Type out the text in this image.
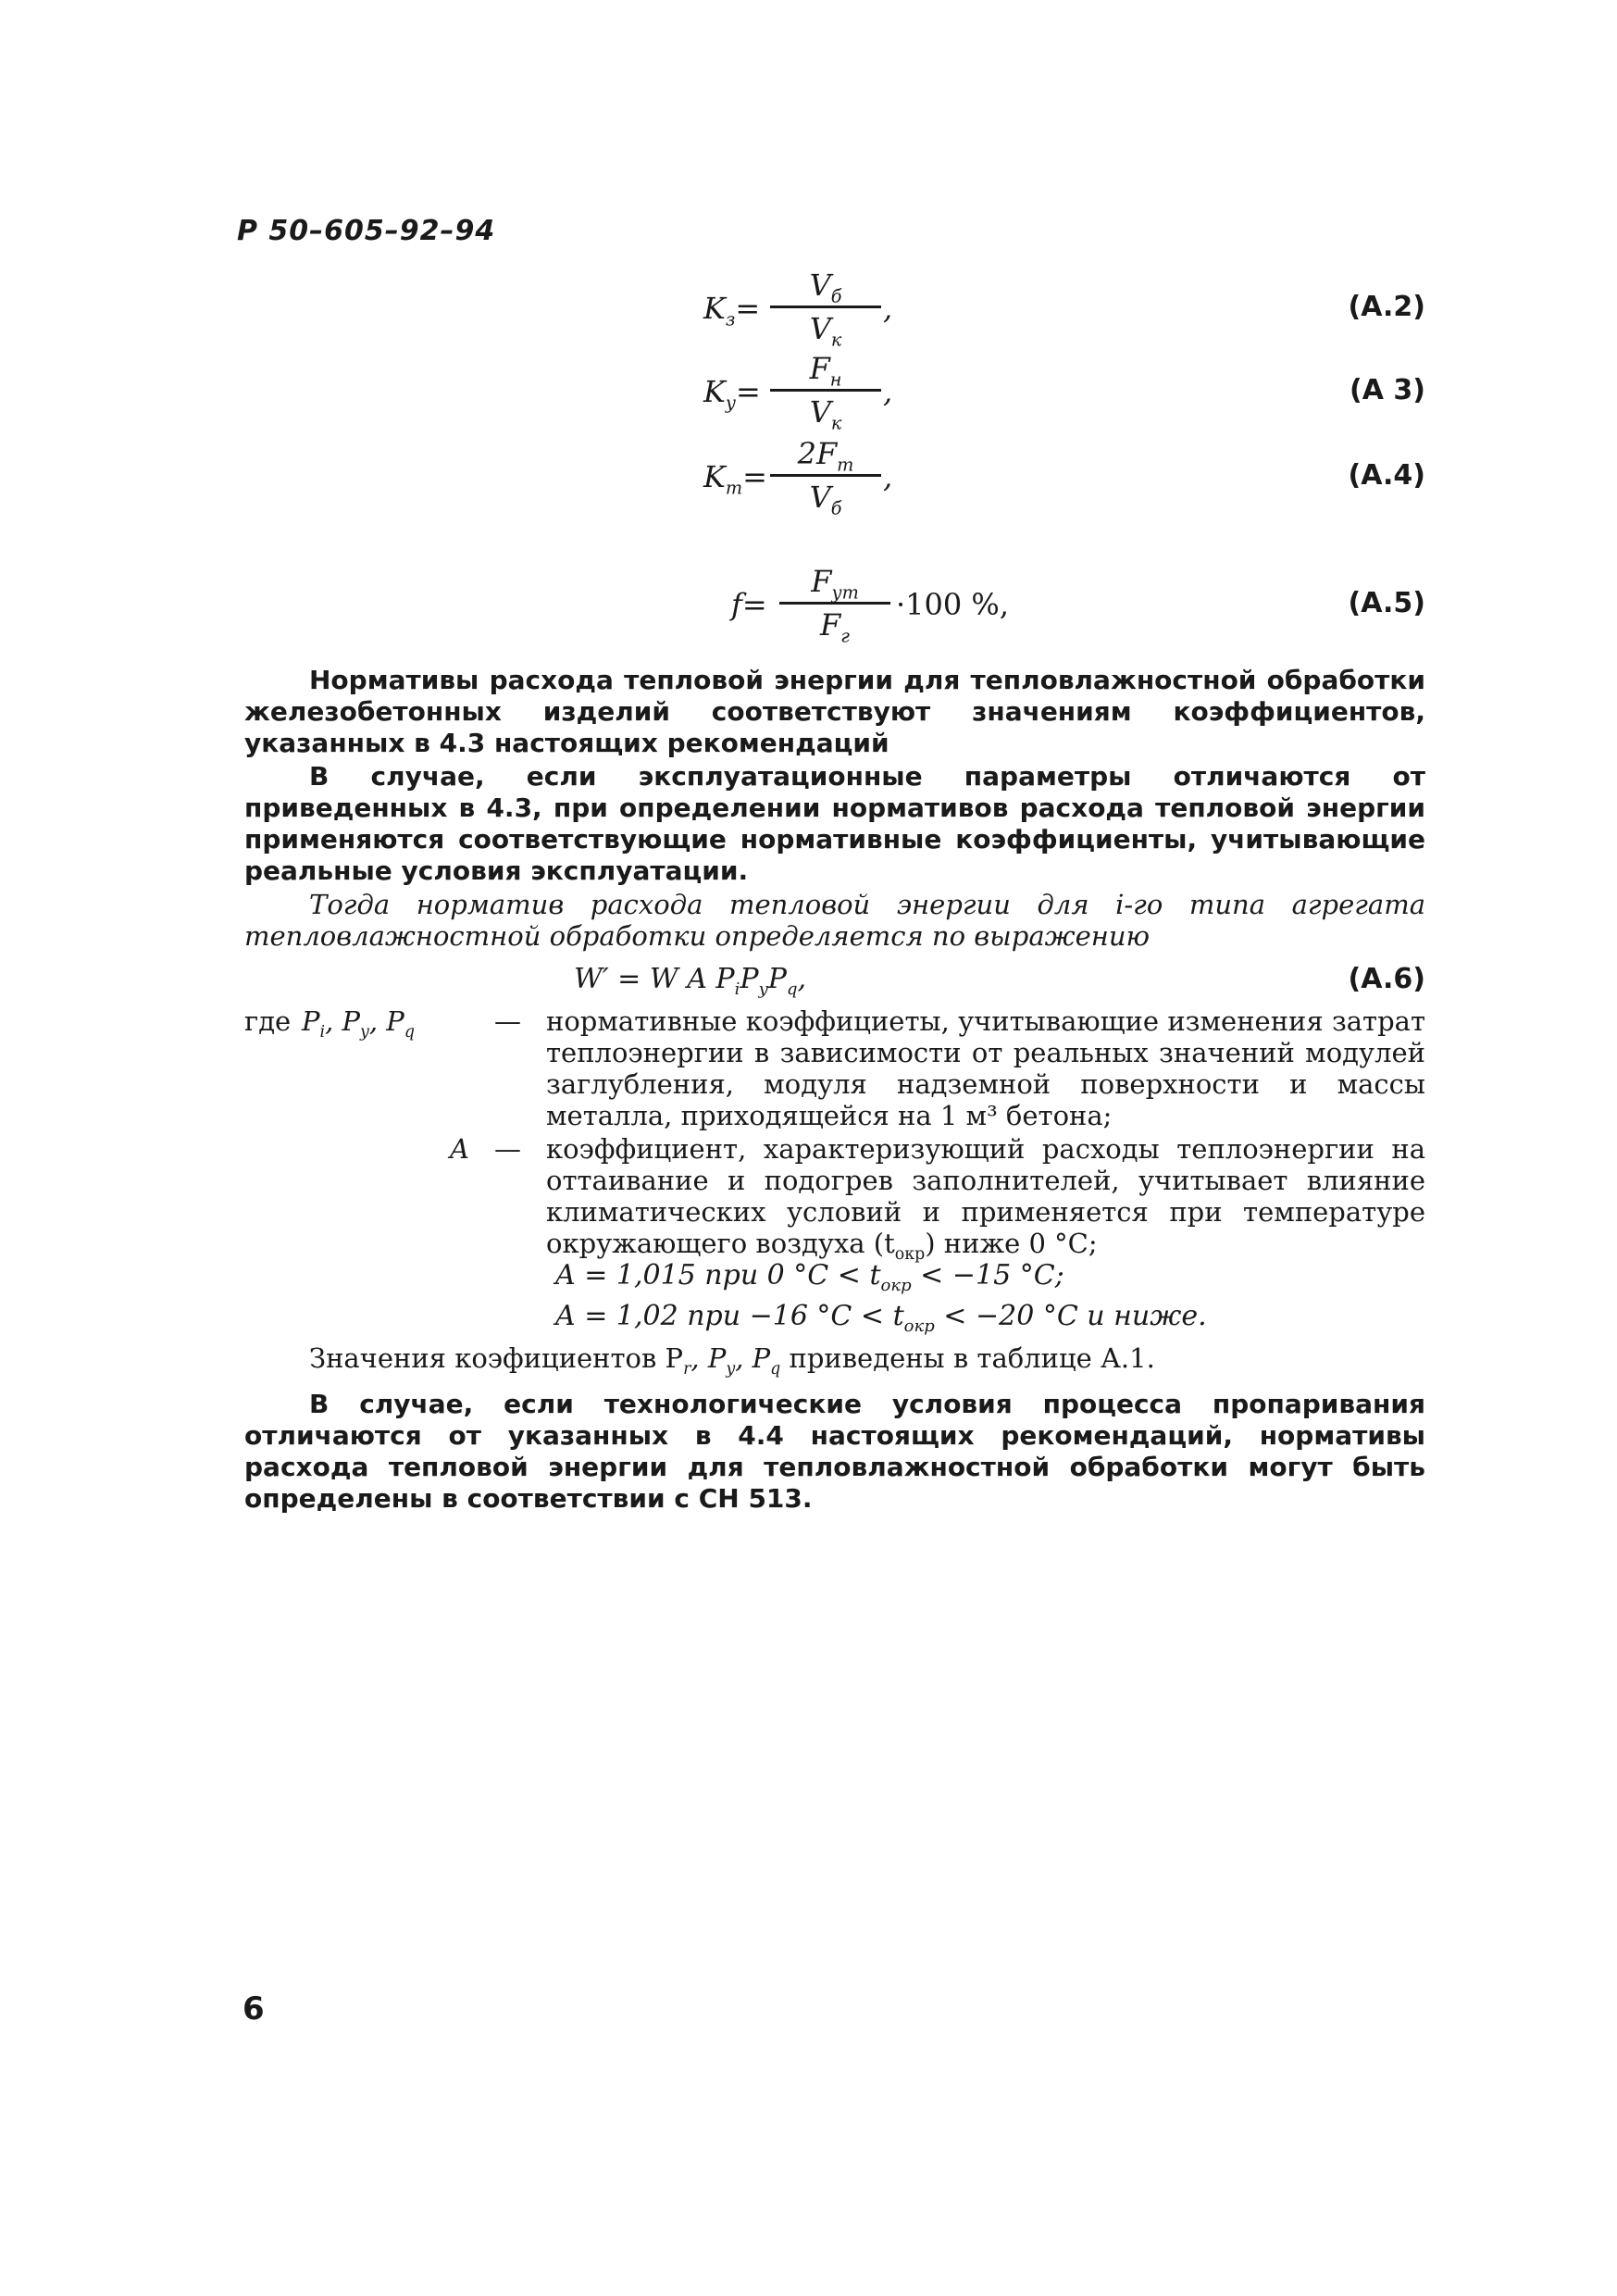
Р 50–605–92–94
$K_з=$
$V_б$
$V_к$
,	(A.2)
$K_у=$
$F_н$
$V_к$
,	(A 3)
$K_т=$
$2F_т$
$V_б$
,	(A.4)
f=
$F_{ут}$
$F_г$
·100 %,	(A.5)
Нормативы расхода тепловой энергии для тепловлажностной обработки железобетонных изделий соответствуют значениям коэффициентов, указанных в 4.3 настоящих рекомендаций
В случае, если эксплуатационные параметры отличаются от приведенных в 4.3, при определении нормативов расхода тепловой энергии применяются соответствующие нормативные коэффициенты, учитывающие реальные условия эксплуатации.
Тогда норматив расхода тепловой энергии для i-го типа агрегата тепловлажностной обработки определяется по выражению
W′ = W A $P_iP_yP_q$,	(A.6)
где $P_i$, $P_y$, $P_q$	— нормативные коэффициеты, учитывающие изменения затрат теплоэнергии в зависимости от реальных значений модулей заглубления, модуля надземной поверхности и массы металла, приходящейся на 1 м³ бетона;
A — коэффициент, характеризующий расходы теплоэнергии на оттаивание и подогрев заполнителей, учитывает влияние климатических условий и применяется при температуре окружающего воздуха $(t_{окр})$ ниже 0 °С;
A = 1,015 при 0 $^\circ С < t_{окр} < -15$ °С;
A = 1,02 при −16 $^\circ С < t_{окр} < -20$ °С и ниже.
Значения коэфициентов $P_r$, $P_y$, $P_q$ приведены в таблице А.1.
В случае, если технологические условия процесса пропаривания отличаются от указанных в 4.4 настоящих рекомендаций, нормативы расхода тепловой энергии для тепловлажностной обработки могут быть определены в соответствии с СН 513.
6
